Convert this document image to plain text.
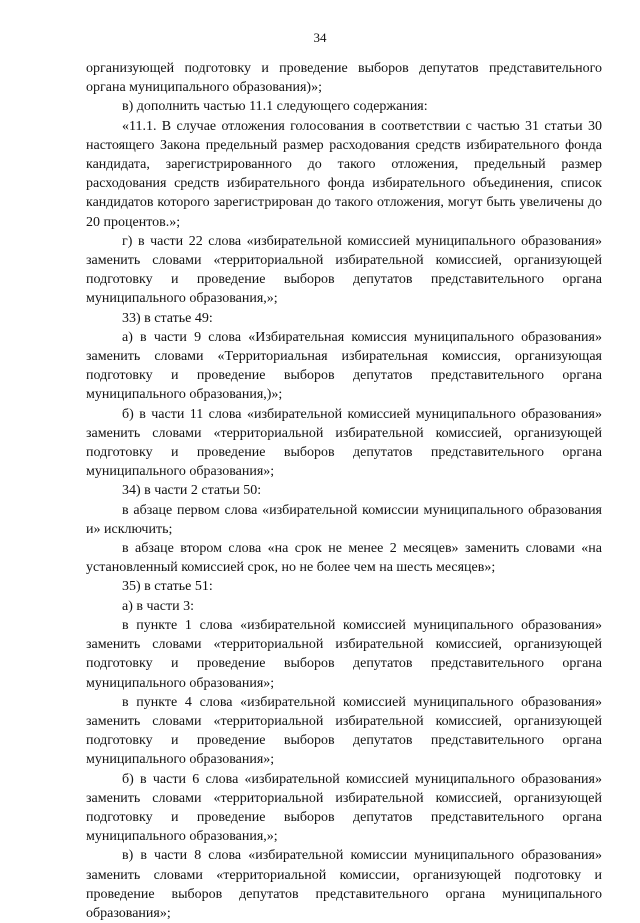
34

организующей подготовку и проведение выборов депутатов представительного органа муниципального образования)»;

в) дополнить частью 11.1 следующего содержания:

«11.1. В случае отложения голосования в соответствии с частью 31 статьи 30 настоящего Закона предельный размер расходования средств избирательного фонда кандидата, зарегистрированного до такого отложения, предельный размер расходования средств избирательного фонда избирательного объединения, список кандидатов которого зарегистрирован до такого отложения, могут быть увеличены до 20 процентов.»;

г) в части 22 слова «избирательной комиссией муниципального образования» заменить словами «территориальной избирательной комиссией, организующей подготовку и проведение выборов депутатов представительного органа муниципального образования,»;

33) в статье 49:

а) в части 9 слова «Избирательная комиссия муниципального образования» заменить словами «Территориальная избирательная комиссия, организующая подготовку и проведение выборов депутатов представительного органа муниципального образования,)»;

б) в части 11 слова «избирательной комиссией муниципального образования» заменить словами «территориальной избирательной комиссией, организующей подготовку и проведение выборов депутатов представительного органа муниципального образования»;

34) в части 2 статьи 50:

в абзаце первом слова «избирательной комиссии муниципального образования и» исключить;

в абзаце втором слова «на срок не менее 2 месяцев» заменить словами «на установленный комиссией срок, но не более чем на шесть месяцев»;

35) в статье 51:

а) в части 3:

в пункте 1 слова «избирательной комиссией муниципального образования» заменить словами «территориальной избирательной комиссией, организующей подготовку и проведение выборов депутатов представительного органа муниципального образования»;

в пункте 4 слова «избирательной комиссией муниципального образования» заменить словами «территориальной избирательной комиссией, организующей подготовку и проведение выборов депутатов представительного органа муниципального образования»;

б) в части 6 слова «избирательной комиссией муниципального образования» заменить словами «территориальной избирательной комиссией, организующей подготовку и проведение выборов депутатов представительного органа муниципального образования,»;

в) в части 8 слова «избирательной комиссии муниципального образования» заменить словами «территориальной комиссии, организующей подготовку и проведение выборов депутатов представительного органа муниципального образования»;
